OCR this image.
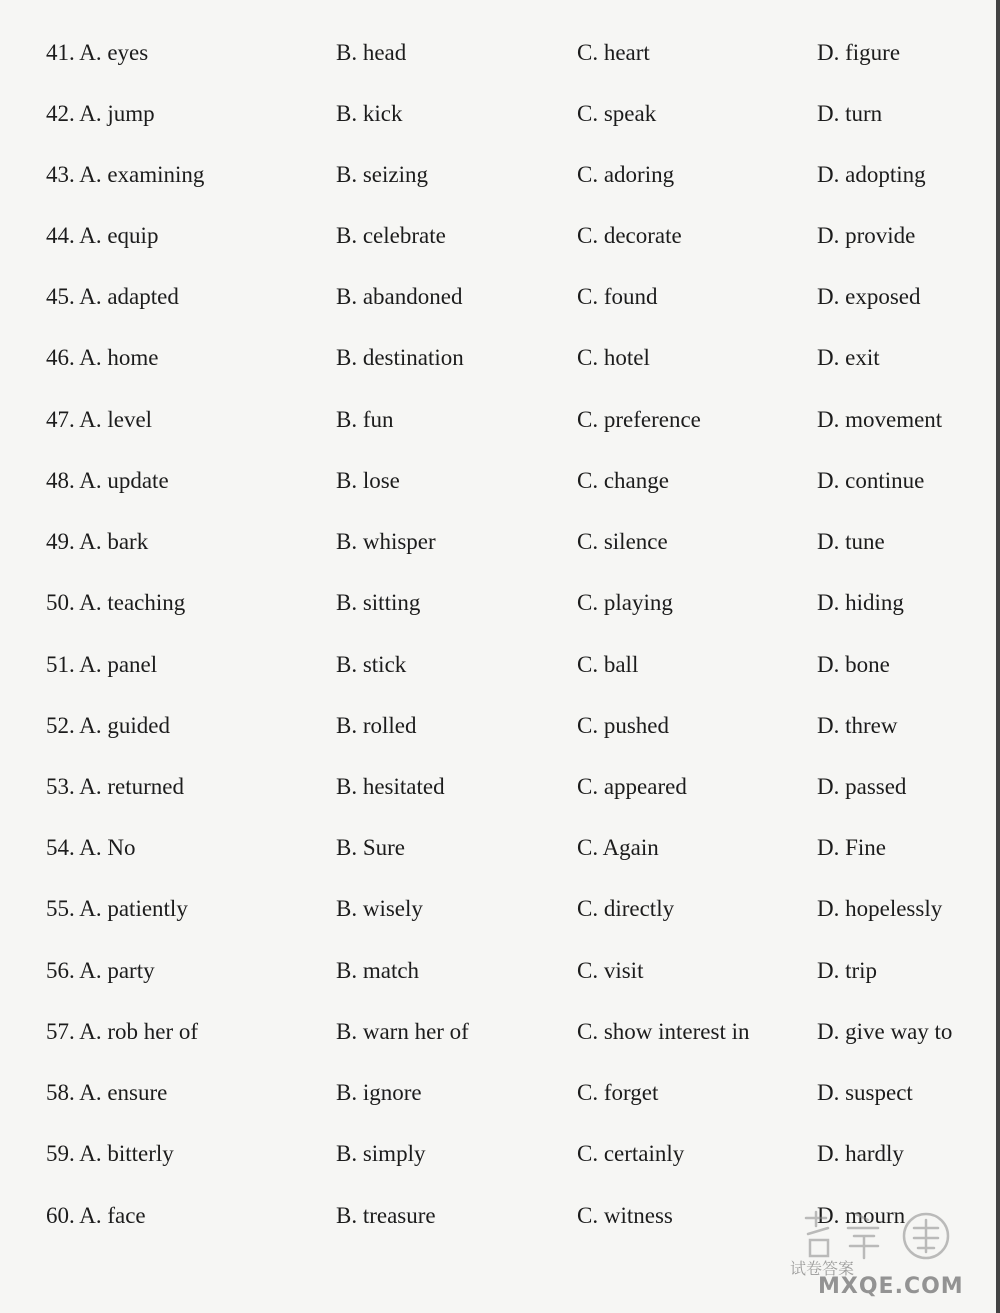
41. A. eyes	B. head	C. heart	D. figure
42. A. jump	B. kick	C. speak	D. turn
43. A. examining	B. seizing	C. adoring	D. adopting
44. A. equip	B. celebrate	C. decorate	D. provide
45. A. adapted	B. abandoned	C. found	D. exposed
46. A. home	B. destination	C. hotel	D. exit
47. A. level	B. fun	C. preference	D. movement
48. A. update	B. lose	C. change	D. continue
49. A. bark	B. whisper	C. silence	D. tune
50. A. teaching	B. sitting	C. playing	D. hiding
51. A. panel	B. stick	C. ball	D. bone
52. A. guided	B. rolled	C. pushed	D. threw
53. A. returned	B. hesitated	C. appeared	D. passed
54. A. No	B. Sure	C. Again	D. Fine
55. A. patiently	B. wisely	C. directly	D. hopelessly
56. A. party	B. match	C. visit	D. trip
57. A. rob her of	B. warn her of	C. show interest in	D. give way to
58. A. ensure	B. ignore	C. forget	D. suspect
59. A. bitterly	B. simply	C. certainly	D. hardly
60. A. face	B. treasure	C. witness	D. mourn
试卷答案
MXQE.COM
